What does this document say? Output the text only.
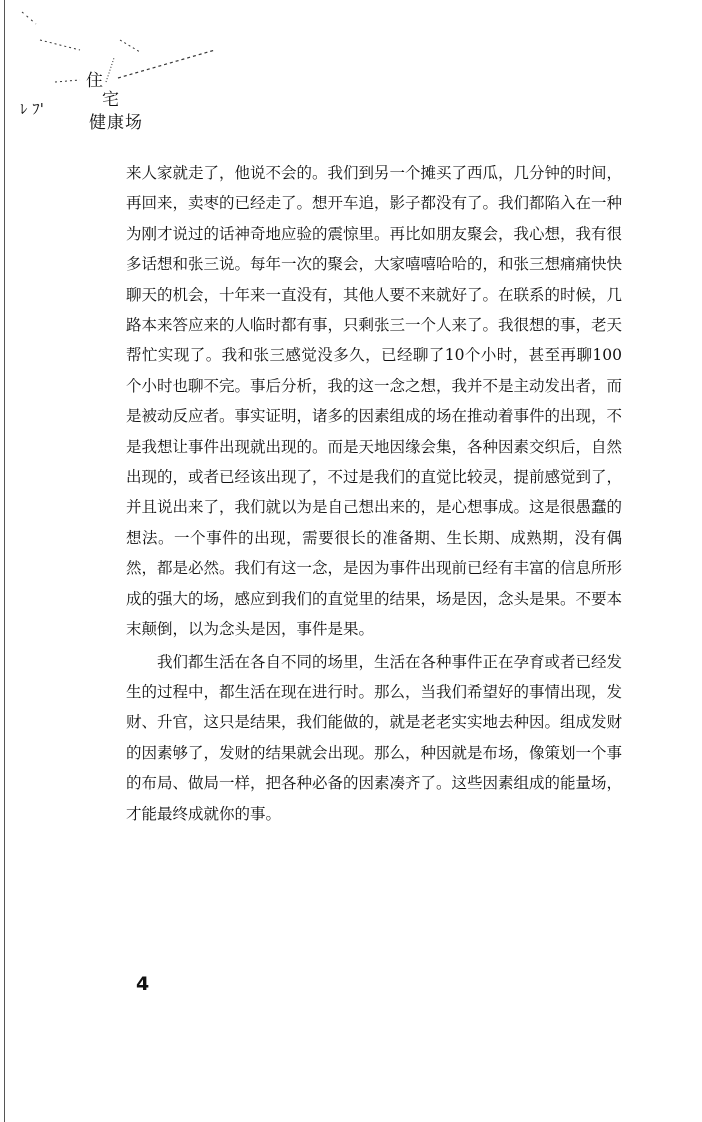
住
宅
ﾚ ﾌ'
健康场

来人家就走了，他说不会的。我们到另一个摊买了西瓜，几分钟的时间，再回来，卖枣的已经走了。想开车追，影子都没有了。我们都陷入在一种为刚才说过的话神奇地应验的震惊里。再比如朋友聚会，我心想，我有很多话想和张三说。每年一次的聚会，大家嘻嘻哈哈的，和张三想痛痛快快聊天的机会，十年来一直没有，其他人要不来就好了。在联系的时候，几路本来答应来的人临时都有事，只剩张三一个人来了。我很想的事，老天帮忙实现了。我和张三感觉没多久，已经聊了10个小时，甚至再聊100个小时也聊不完。事后分析，我的这一念之想，我并不是主动发出者，而是被动反应者。事实证明，诸多的因素组成的场在推动着事件的出现，不是我想让事件出现就出现的。而是天地因缘会集，各种因素交织后，自然出现的，或者已经该出现了，不过是我们的直觉比较灵，提前感觉到了，并且说出来了，我们就以为是自己想出来的，是心想事成。这是很愚蠢的想法。一个事件的出现，需要很长的准备期、生长期、成熟期，没有偶然，都是必然。我们有这一念，是因为事件出现前已经有丰富的信息所形成的强大的场，感应到我们的直觉里的结果，场是因，念头是果。不要本末颠倒，以为念头是因，事件是果。

我们都生活在各自不同的场里，生活在各种事件正在孕育或者已经发生的过程中，都生活在现在进行时。那么，当我们希望好的事情出现，发财、升官，这只是结果，我们能做的，就是老老实实地去种因。组成发财的因素够了，发财的结果就会出现。那么，种因就是布场，像策划一个事的布局、做局一样，把各种必备的因素凑齐了。这些因素组成的能量场，才能最终成就你的事。

4
